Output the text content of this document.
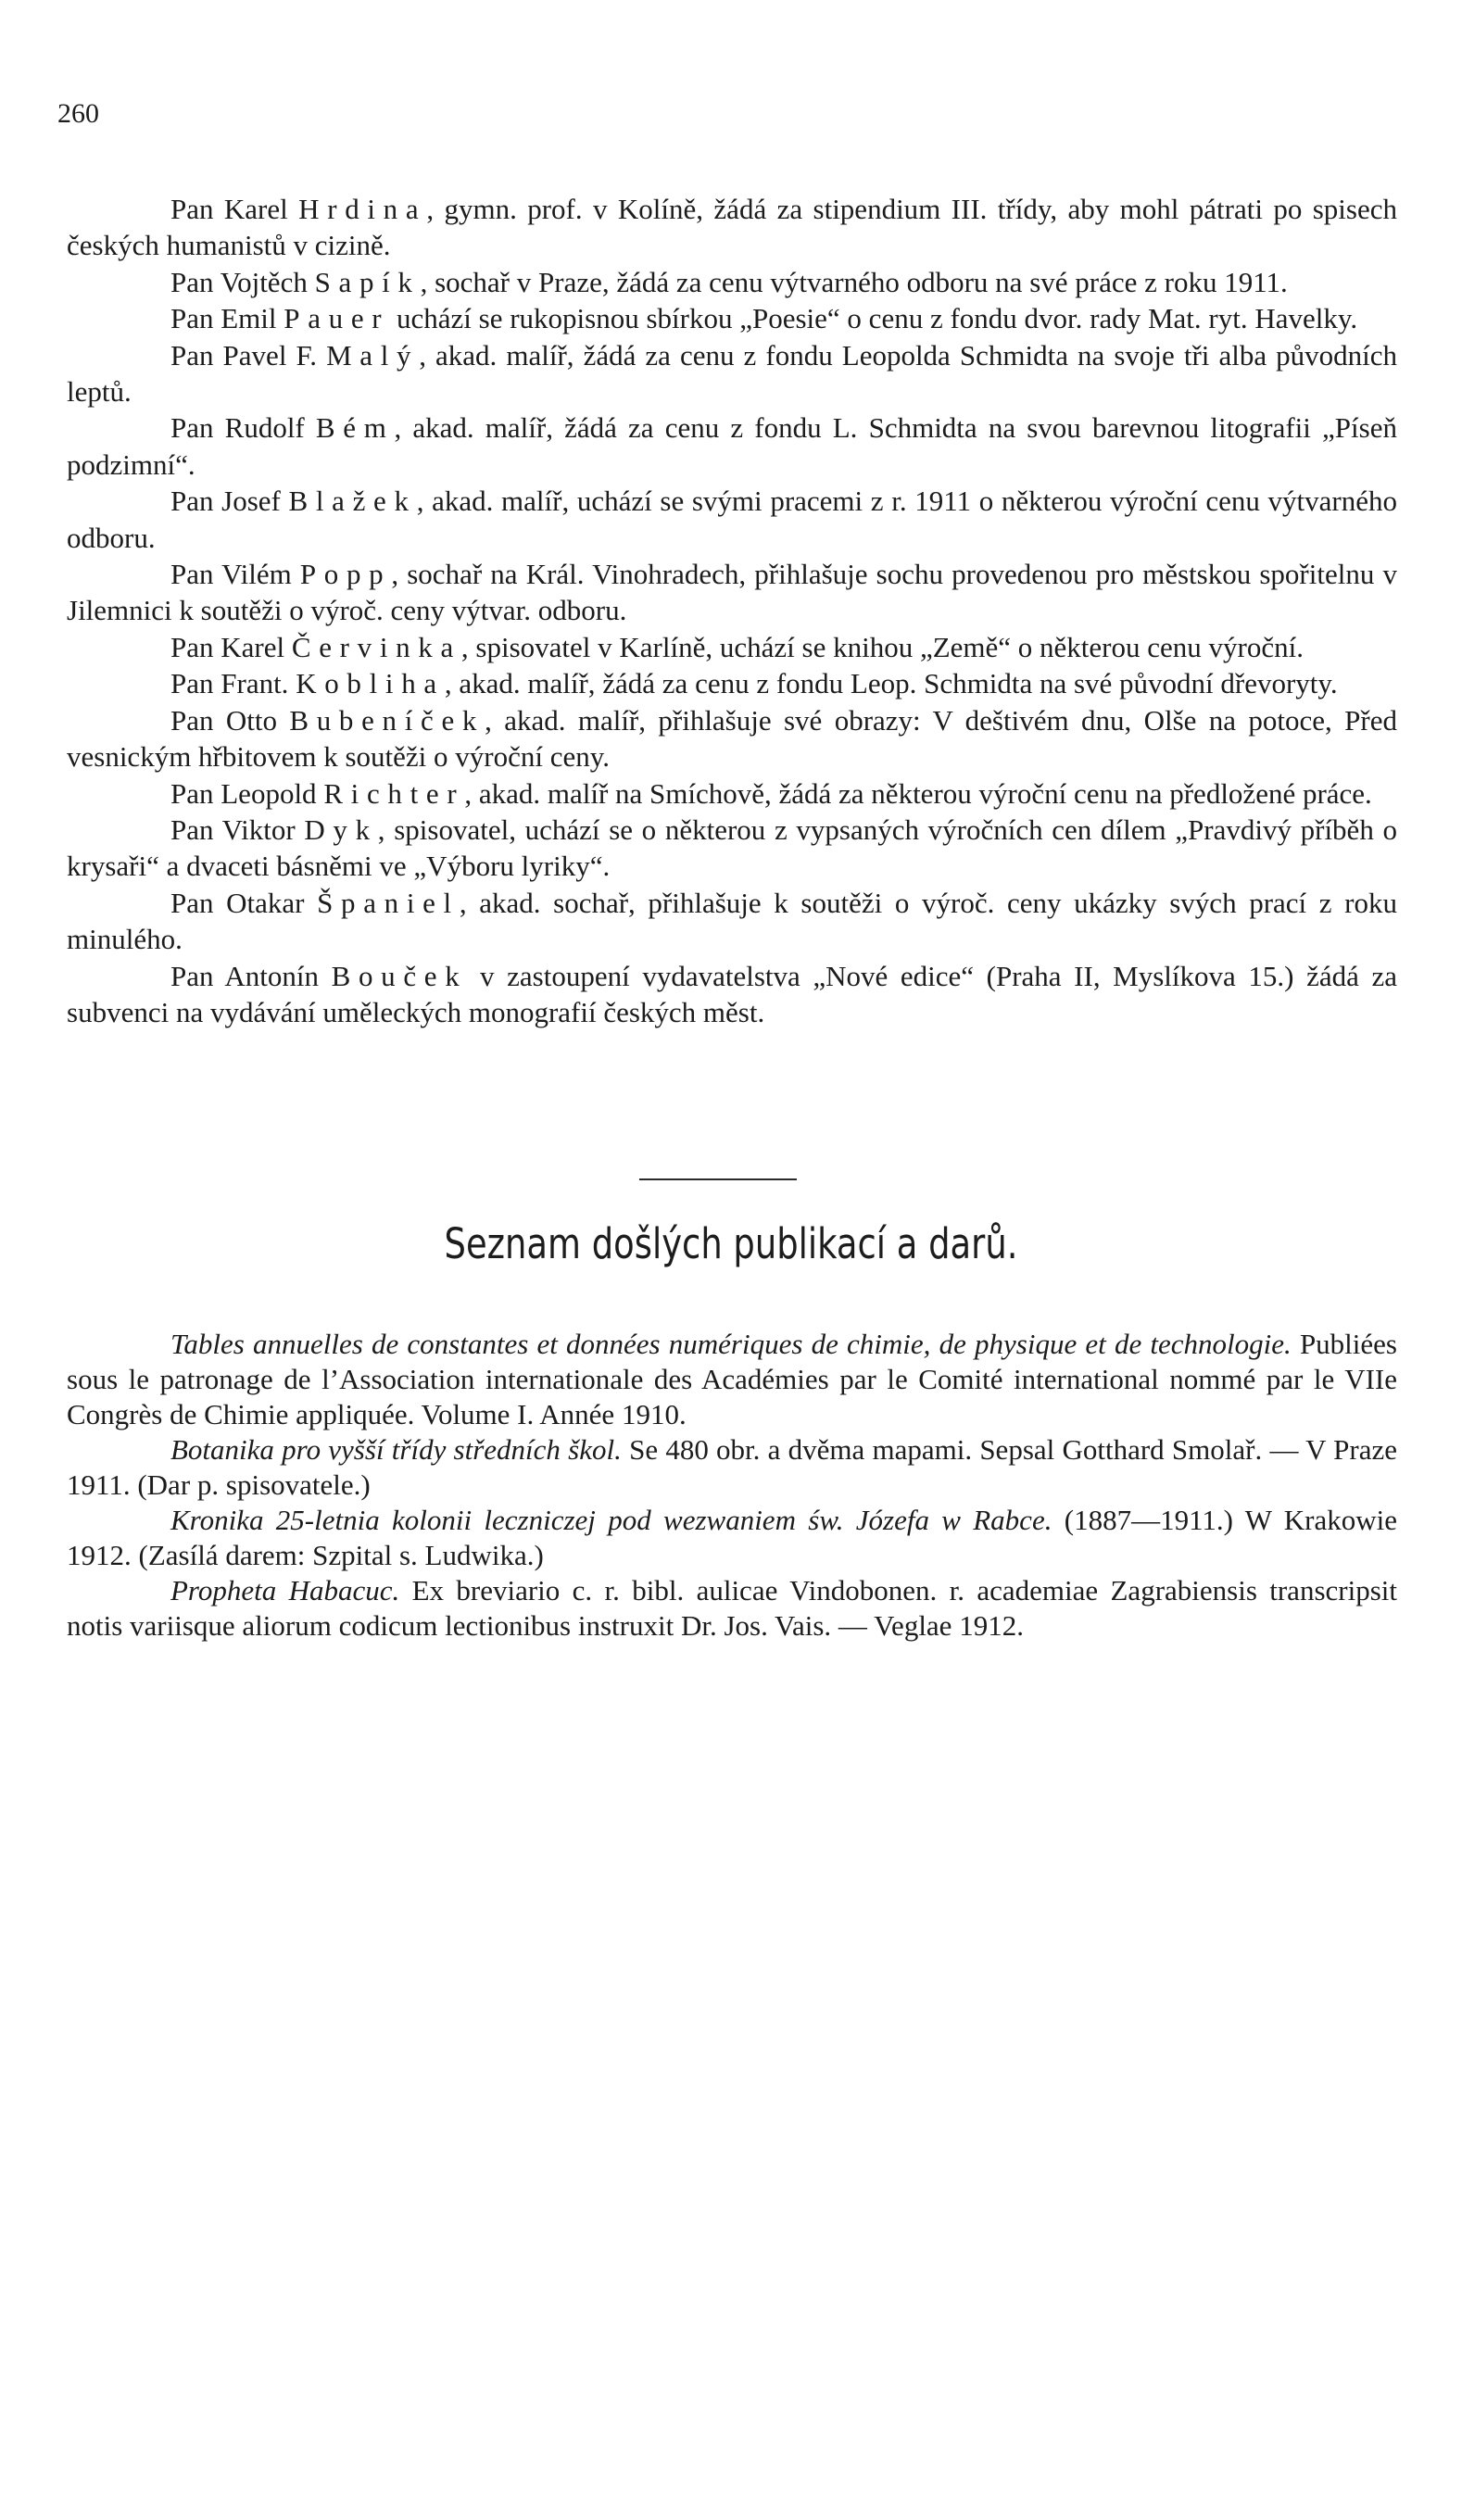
260

Pan Karel Hrdina, gymn. prof. v Kolíně, žádá za stipendium III. třídy, aby mohl pátrati po spisech českých humanistů v cizině.

Pan Vojtěch Sapík, sochař v Praze, žádá za cenu výtvarného odboru na své práce z roku 1911.

Pan Emil Pauer uchází se rukopisnou sbírkou „Poesie“ o cenu z fondu dvor. rady Mat. ryt. Havelky.

Pan Pavel F. Malý, akad. malíř, žádá za cenu z fondu Leopolda Schmidta na svoje tři alba původních leptů.

Pan Rudolf Bém, akad. malíř, žádá za cenu z fondu L. Schmidta na svou barevnou litografii „Píseň podzimní“.

Pan Josef Blažek, akad. malíř, uchází se svými pracemi z r. 1911 o některou výroční cenu výtvarného odboru.

Pan Vilém Popp, sochař na Král. Vinohradech, přihlašuje sochu provedenou pro městskou spořitelnu v Jilemnici k soutěži o výroč. ceny výtvar. odboru.

Pan Karel Červinka, spisovatel v Karlíně, uchází se knihou „Země“ o některou cenu výroční.

Pan Frant. Kobliha, akad. malíř, žádá za cenu z fondu Leop. Schmidta na své původní dřevoryty.

Pan Otto Bubeníček, akad. malíř, přihlašuje své obrazy: V deštivém dnu, Olše na potoce, Před vesnickým hřbitovem k soutěži o výroční ceny.

Pan Leopold Richter, akad. malíř na Smíchově, žádá za některou výroční cenu na předložené práce.

Pan Viktor Dyk, spisovatel, uchází se o některou z vypsaných výročních cen dílem „Pravdivý příběh o krysaři“ a dvaceti básněmi ve „Výboru lyriky“.

Pan Otakar Španiel, akad. sochař, přihlašuje k soutěži o výroč. ceny ukázky svých prací z roku minulého.

Pan Antonín Bouček v zastoupení vydavatelstva „Nové edice“ (Praha II, Myslíkova 15.) žádá za subvenci na vydávání uměleckých monografií českých měst.

Seznam došlých publikací a darů.

Tables annuelles de constantes et données numériques de chimie, de physique et de technologie. Publiées sous le patronage de l’Association internationale des Académies par le Comité international nommé par le VIIe Congrès de Chimie appliquée. Volume I. Année 1910.

Botanika pro vyšší třídy středních škol. Se 480 obr. a dvěma mapami. Sepsal Gotthard Smolař. — V Praze 1911. (Dar p. spisovatele.)

Kronika 25-letnia kolonii leczniczej pod wezwaniem św. Józefa w Rabce. (1887—1911.) W Krakowie 1912. (Zasílá darem: Szpital s. Ludwika.)

Propheta Habacuc. Ex breviario c. r. bibl. aulicae Vindobonen. r. academiae Zagrabiensis transcripsit notis variisque aliorum codicum lectionibus instruxit Dr. Jos. Vais. — Veglae 1912.
